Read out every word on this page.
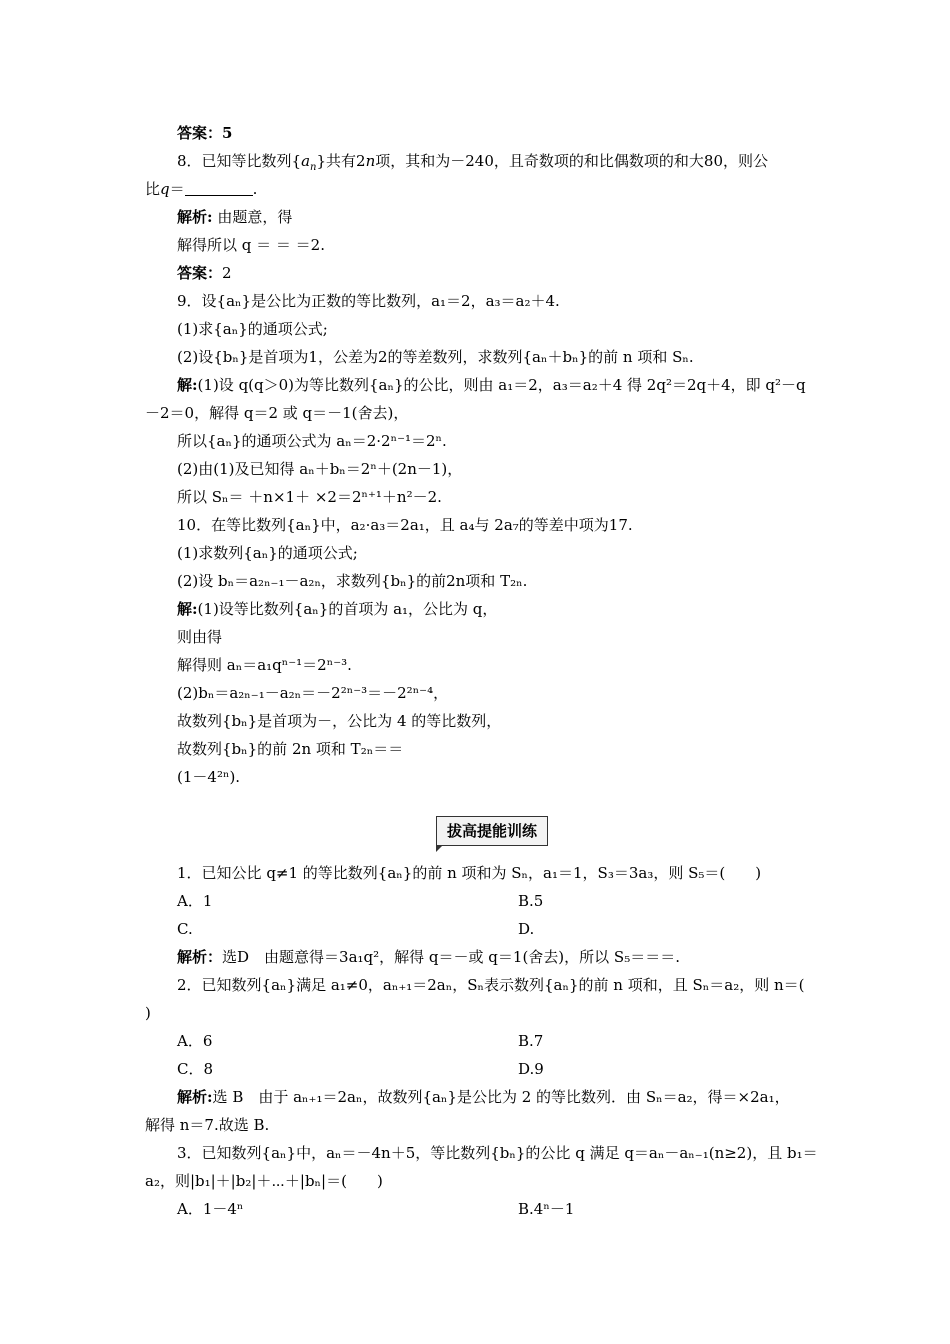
答案：5
8．已知等比数列$\{a_n\}$共有2n项，其和为－240，且奇数项的和比偶数项的和大80，则公
比q＝	.
解析: 由题意，得
解得所以 q ＝ ＝ ＝2.
答案：2
9．设{aₙ}是公比为正数的等比数列，a₁＝2，a₃＝a₂＋4.
(1)求{aₙ}的通项公式;
(2)设{bₙ}是首项为1，公差为2的等差数列，求数列{aₙ＋bₙ}的前 n 项和 Sₙ.
解:(1)设 q(q＞0)为等比数列{aₙ}的公比，则由 a₁＝2，a₃＝a₂＋4 得 2q²＝2q＋4，即 q²－q
－2＝0，解得 q＝2 或 q＝－1(舍去)，
所以{aₙ}的通项公式为 aₙ＝2·2ⁿ⁻¹＝2ⁿ.
(2)由(1)及已知得 aₙ＋bₙ＝2ⁿ＋(2n－1)，
所以 Sₙ＝ ＋n×1＋ ×2＝2ⁿ⁺¹＋n²－2.
10．在等比数列{aₙ}中，a₂·a₃＝2a₁，且 a₄与 2a₇的等差中项为17.
(1)求数列{aₙ}的通项公式;
(2)设 bₙ＝a₂ₙ₋₁－a₂ₙ，求数列{bₙ}的前2n项和 T₂ₙ.
解:(1)设等比数列{aₙ}的首项为 a₁，公比为 q，
则由得
解得则 aₙ＝a₁qⁿ⁻¹＝2ⁿ⁻³.
(2)bₙ＝a₂ₙ₋₁－a₂ₙ＝－2²ⁿ⁻³＝－2²ⁿ⁻⁴，
故数列{bₙ}是首项为－，公比为 4 的等比数列，
故数列{bₙ}的前 2n 项和 T₂ₙ＝＝
(1－4²ⁿ).
拔高提能训练
1．已知公比 q≠1 的等比数列{aₙ}的前 n 项和为 Sₙ，a₁＝1，S₃＝3a₃，则 S₅＝(　　)
A．1	B.5
C.	D.
解析：选D　由题意得＝3a₁q²，解得 q＝－或 q＝1(舍去)，所以 S₅＝＝＝.
2．已知数列{aₙ}满足 a₁≠0，aₙ₊₁＝2aₙ，Sₙ表示数列{aₙ}的前 n 项和，且 Sₙ＝a₂，则 n＝(
)
A．6	B.7
C．8	D.9
解析:选 B　由于 aₙ₊₁＝2aₙ，故数列{aₙ}是公比为 2 的等比数列．由 Sₙ＝a₂，得＝×2a₁，
解得 n＝7.故选 B.
3．已知数列{aₙ}中，aₙ＝－4n＋5，等比数列{bₙ}的公比 q 满足 q＝aₙ－aₙ₋₁(n≥2)，且 b₁＝
a₂，则|b₁|＋|b₂|＋⋯＋|bₙ|＝(　　)
A．1－4ⁿ	B.4ⁿ－1
